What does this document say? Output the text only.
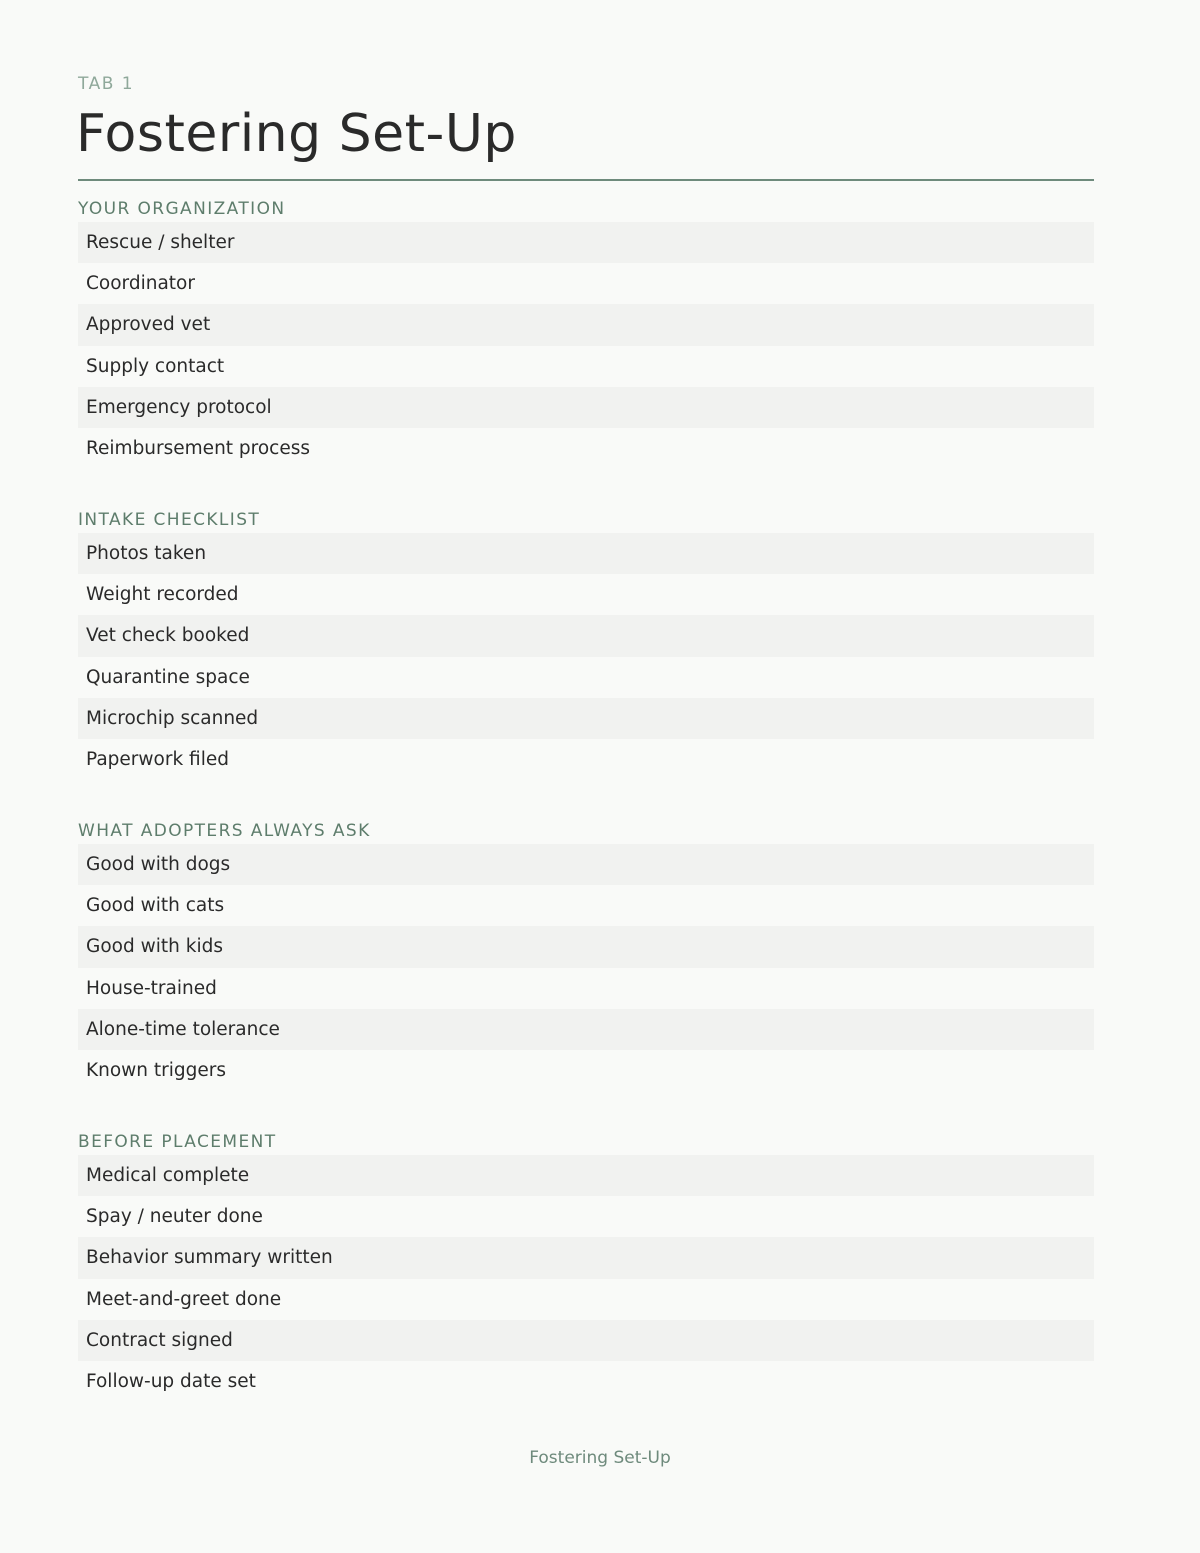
TAB 1
Fostering Set-Up
YOUR ORGANIZATION
Rescue / shelter
Coordinator
Approved vet
Supply contact
Emergency protocol
Reimbursement process
INTAKE CHECKLIST
Photos taken
Weight recorded
Vet check booked
Quarantine space
Microchip scanned
Paperwork filed
WHAT ADOPTERS ALWAYS ASK
Good with dogs
Good with cats
Good with kids
House-trained
Alone-time tolerance
Known triggers
BEFORE PLACEMENT
Medical complete
Spay / neuter done
Behavior summary written
Meet-and-greet done
Contract signed
Follow-up date set
Fostering Set-Up
